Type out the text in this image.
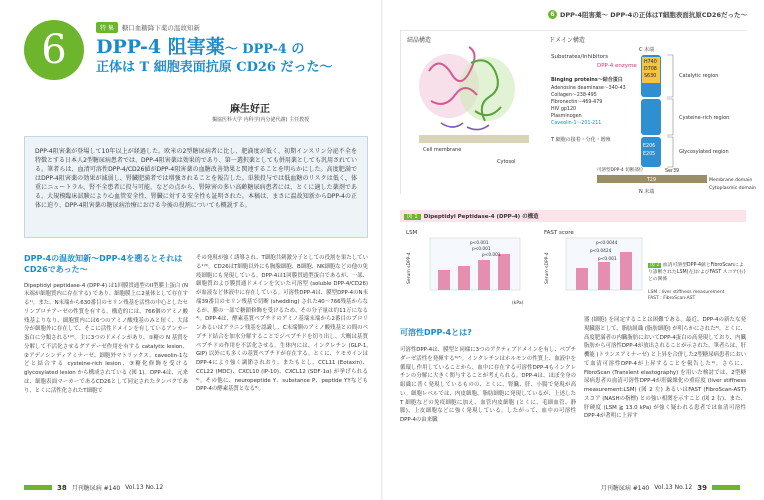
6	特 集	糖口血糖降下薬の温故知新
DPP-4 阻害薬〜 DPP-4 の
正体は T 細胞表面抗原 CD26 だった〜
麻生好正
獨協医科大学 内科学(内分泌代謝) 主任教授

DPP-4阻害薬が登場して10年以上が経過した。欧米の2型糖尿病者に比し、肥満度が低く、初期インスリン分泌不全を特徴とする日本人2型糖尿病患者では、DPP-4阻害薬は効果的であり、第一選択薬としても併用薬としても汎用されている。筆者らは、血清可溶性DPP-4/CD26値がDPP-4阻害薬の血糖改善効果と関連することを明らかにした。高度肥満ではDPP-4阻害薬の効果が減弱し、腎臓肥満者では増強されることを報告した。単独投与では低血糖のリスクは低く、体重にニュートラル、腎不全患者に投与可能、などの点から、腎障害の多い高齢糖尿病患者には、とくに適した薬剤である。大規模臨床試験により心血管安全性、腎臓に対する安全性も証明された。本稿は、まさに温故知新からDPP-4の正体に迫り、DPP-4阻害薬の糖尿病治療における今後の役割についても概説する。

DPP-4の温故知新〜DPP-4を遡るとそれはCD26であった〜

Dipeptidyl peptidase-4 (DPP-4) は1回膜貫通型のII型膜上蛋白 (N末端が細胞質内に存在する) であり、細胞膜上に2量体として存在する¹⁾。また、N末端から630番目のセリン残基を活性の中心としたセリンプロテアーゼの性質を有する。構造的には、766個のアミノ酸残基よりなり、細胞質内には6つのアミノ酸残基のみと短く、大部分が細胞外に存在して、そこに活性ドメインを有しているアンカー蛋白に分類される¹⁾²⁾。主に3つのドメインがあり、①糖の N 基質を分解して不活化させるグアデーゼ作用を有する catalytic lesion、②アデノシンディアミナーゼ、細胞外マトリックス、caveolin-1などと結合する cysteine-rich lesion、③糖化修飾を受ける glycosylated lesion から構成されている (図 1)。DPP-4は、元来は、細胞表面マーカーであるCD26として同定されたタンパクであり、とくに活性化されたT細胞で

その発現が強く誘導され、T細胞共刺激分子としての役割を果たしている¹⁾³⁾。CD26はT細胞以外にも胸腺細胞、B細胞、NK細胞などの他の免疫細胞にも発現している。DPP-4は1回膜貫通型蛋白であるが、一部、細胞質および膜貫通ドメインを欠いた可溶型 (soluble DPP-4/CD26) が血液など体液中に存在している。可溶性DPP-4は、膜型DPP-4のN末端39番目のセリン残基で切断 (shedding) された40〜766残基からなるが、膜の一部で糖鎖修飾を受けるため、その分子量は約11万になる⁴⁾。DPP-4は、酵素基質ペプチドのアミノ基端末端から2番目のプロリンあるいはアラニン残基を認識し、C末端側のアミノ酸残基との間のペプチド結合を加水分解することでジペプチドを切り出し、大概は基質ペプチドの作用を不活化させる。生体内には、インクレチン (GLP-1, GIP) 以外にも多くの基質ペプチドが存在する。とくに、ケモカインはDPP-4により強く調節されおり、またもとし、CCL11 (Eotaxin)、CCL22 (MDC)、CXCL10 (IP-10)、CXCL12 (SDF-1α) が挙げられる⁵⁾。その他に、neuropeptide Y、substance P、peptide YYなどもDPP-4の酵素基質となる⁶⁾。

38 月刊糖尿病 #140 Vol.13 No.12
6 DPP-4阻害薬〜 DPP-4の正体はT細胞表面抗原CD26だった〜
結晶構造
Cell membrane
Cytosol
ドメイン構造
Substrates/Inhibitors
Binging proteins〜結合蛋白
Adenosine deaminase〜340-43
Collagen〜238-495
Fibronectin〜469-479
HIV gp120
Plasminogen
Caveolin-1〜201-211
T 細胞の接着・分化・増殖
C 末端
DPP-4 enzyme
H740
D708
S630
E206
E205
可溶型DPP-4 切断部位	Ser39
T29
N 末端
Catalytic region
Cysteine-rich region
Glycosylated region
Membrane domain
Cytoplasmic domain
図 1 Dipeptidyl Peptidase-4 (DPP-4) の構造
LSM
Serum sDPP-4
p<0.001
p<0.001
p<0.001
(kPa)
FAST score
Serum sDPP-4
p<0.0044
p<0.0424
p<0.001
図 2 血清可溶型DPP-4値とFibroScanにより診断されたLSM(左)およびFAST スコア(右)との関係
LSM : liver stiffness measurement
FAST : FibroScan-AST
可溶性DPP-4とは?

可溶性DPP-4は、膜型と同様に3つのアクティブドメインを有し、ペプチダーゼ活性を発揮する⁶⁾⁷⁾。インクレチンはホルモンの性質上、血液中を循環し作用していることから、血中に存在する可溶性DPP-4もインクレチンの分解に大きく関与することが考えられる。DPP-4は、ほぼ全身の組織に普く発現しているものの、とくに、腎臓、肝、小腸で発現が高い。細胞レベルでは、内皮細胞、脂肪細胞に発現しているが、上述した T 細胞などの免疫細胞に加え、血管内皮細胞 (とくに、毛細血管、静脈)、上皮細胞などに強く発現している。したがって、血中の可溶性DPP-4の由来臓

器 (細胞) を同定することは困難である。最近、DPP-4の新たな発現臓器として、脂肪組織 (脂肪細胞) が明らかにされた⁸⁾。とくに、高度肥満者の内臓脂肪においてDPP-4蛋白の高発現しており、内臓脂肪から可溶性DPP-4が放出されることが示された。筆者らは、肝機能 (トランスアミナーゼ) と上昇を合併した2型糖尿病患者において血清可溶性DPP-4が上昇することを報告した⁹⁾。さらに、FibroScan (Transient elastography) を用いた検討では、2型糖尿病患者の血清可溶性DPP-4が肝線維化の重症度 (liver stiffness measurement:LSM) (図 2 左) あるいはFAST (FibroScan-AST) スコア (NASHの指標) との強い相関を示すこと (図 2 右)、また、肝硬度 (LSM ≧ 13.0 kPa) が強く疑われる患者では血清可溶性DPP-4が著明に上昇す

月刊糖尿病 #140 Vol.13 No.12 39
